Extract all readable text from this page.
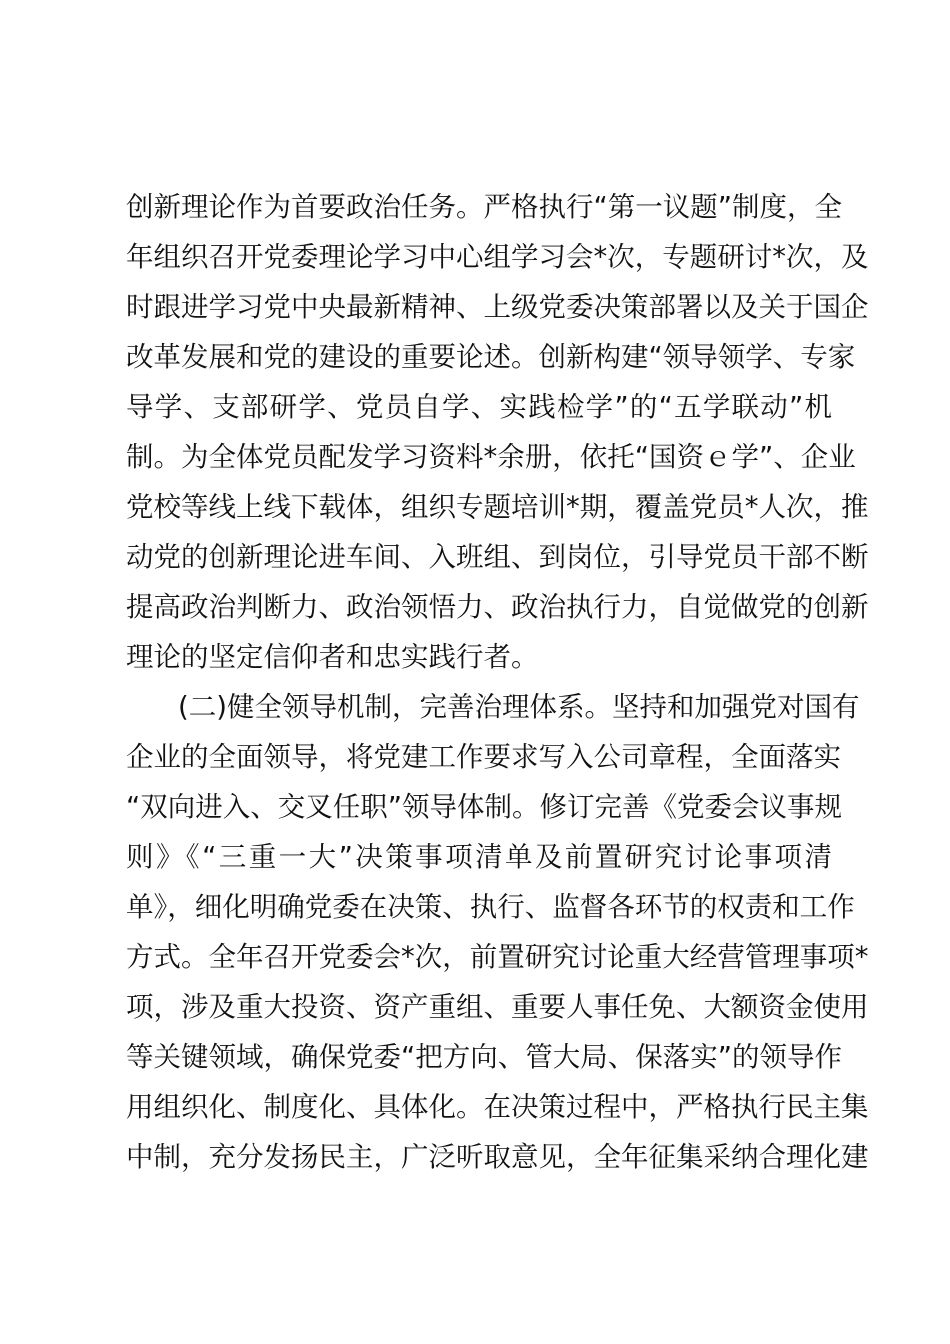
创新理论作为首要政治任务。严格执行“第一议题”制度，全
年组织召开党委理论学习中心组学习会*次，专题研讨*次，及
时跟进学习党中央最新精神、上级党委决策部署以及关于国企
改革发展和党的建设的重要论述。创新构建“领导领学、专家
导学、支部研学、党员自学、实践检学”的“五学联动”机
制。为全体党员配发学习资料*余册，依托“国资ｅ学”、企业
党校等线上线下载体，组织专题培训*期，覆盖党员*人次，推
动党的创新理论进车间、入班组、到岗位，引导党员干部不断
提高政治判断力、政治领悟力、政治执行力，自觉做党的创新
理论的坚定信仰者和忠实践行者。
(二)健全领导机制，完善治理体系。坚持和加强党对国有
企业的全面领导，将党建工作要求写入公司章程，全面落实
“双向进入、交叉任职”领导体制。修订完善《党委会议事规
则》《“三重一大”决策事项清单及前置研究讨论事项清
单》，细化明确党委在决策、执行、监督各环节的权责和工作
方式。全年召开党委会*次，前置研究讨论重大经营管理事项*
项，涉及重大投资、资产重组、重要人事任免、大额资金使用
等关键领域，确保党委“把方向、管大局、保落实”的领导作
用组织化、制度化、具体化。在决策过程中，严格执行民主集
中制，充分发扬民主，广泛听取意见，全年征集采纳合理化建
